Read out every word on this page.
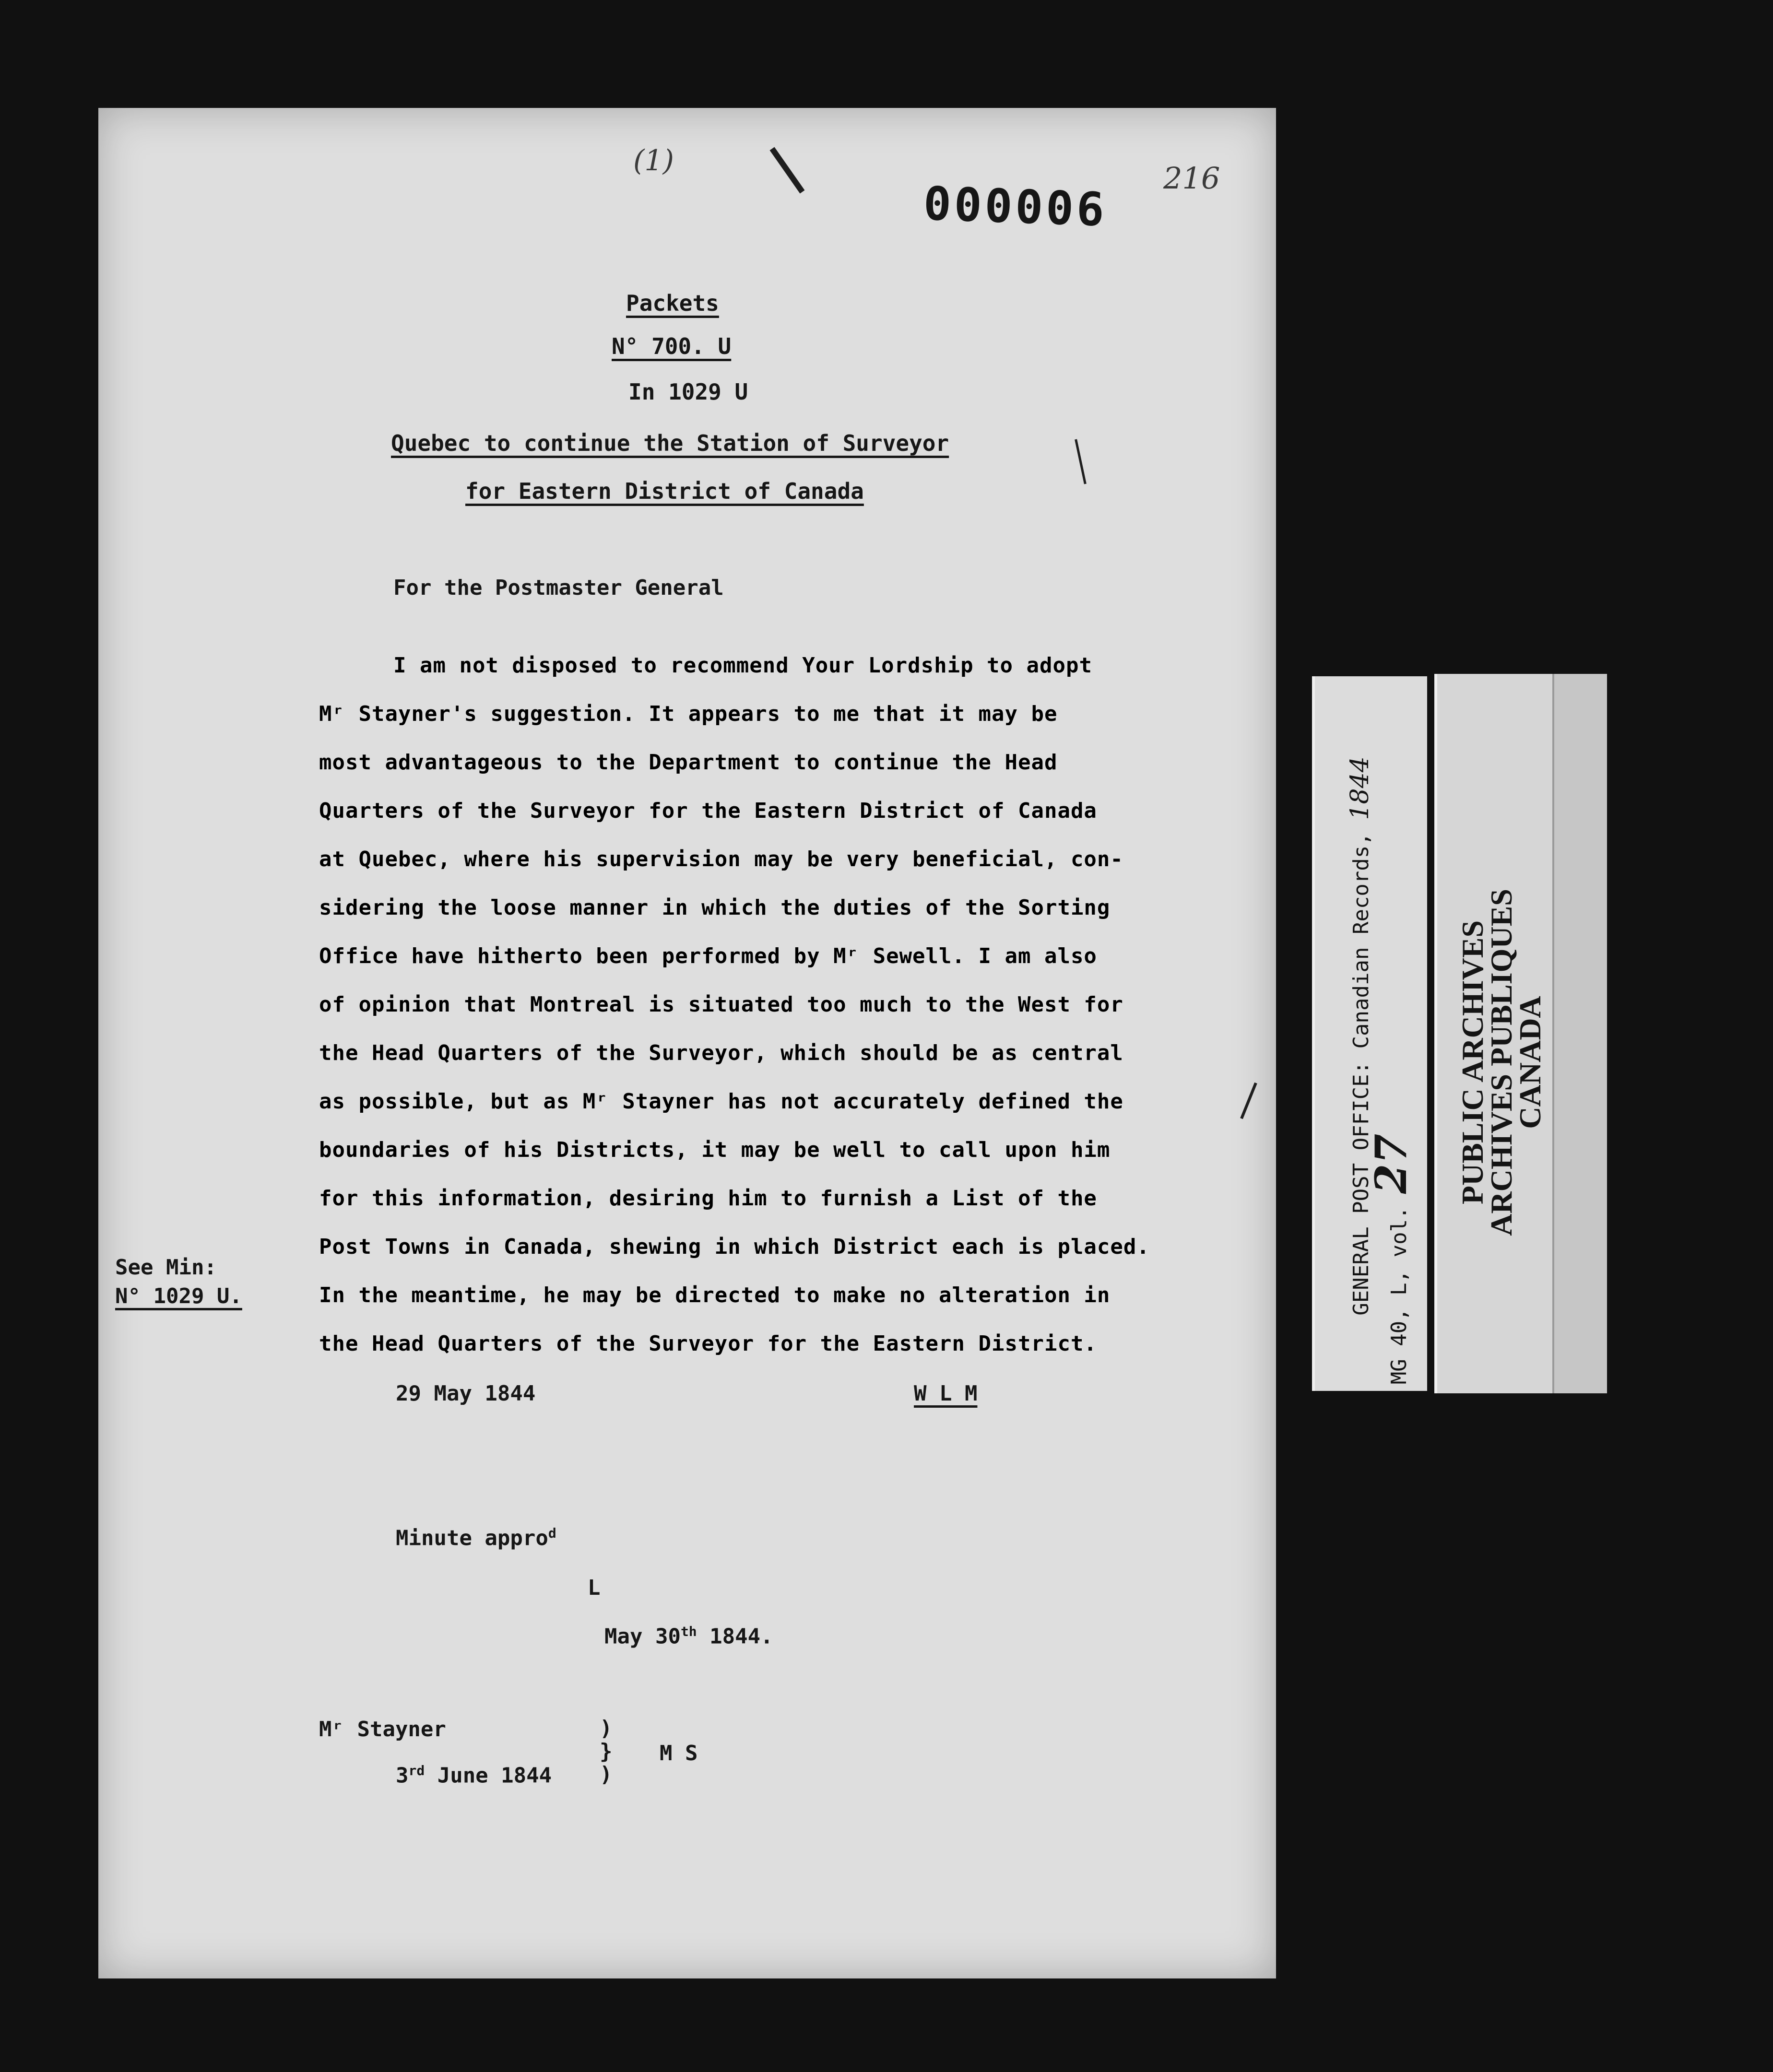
(1)
000006 216
Packets
N° 700. U
In 1029 U
Quebec to continue the Station of Surveyor
for Eastern District of Canada
For the Postmaster General
I am not disposed to recommend Your Lordship to adopt
Mʳ Stayner's suggestion. It appears to me that it may be
most advantageous to the Department to continue the Head
Quarters of the Surveyor for the Eastern District of Canada
at Quebec, where his supervision may be very beneficial, con-
sidering the loose manner in which the duties of the Sorting
Office have hitherto been performed by Mʳ Sewell. I am also
of opinion that Montreal is situated too much to the West for
the Head Quarters of the Surveyor, which should be as central
as possible, but as Mʳ Stayner has not accurately defined the
boundaries of his Districts, it may be well to call upon him
for this information, desiring him to furnish a List of the
Post Towns in Canada, shewing in which District each is placed.
In the meantime, he may be directed to make no alteration in
the Head Quarters of the Surveyor for the Eastern District.
See Min:
N° 1029 U.
29 May 1844	W L M
Minute appro$^d$
L
May 30th 1844.
Mʳ Stayner
3rd June 1844
)
}
)
M S
GENERAL POST OFFICE: Canadian Records, 1844
MG 40, L, vol. 27 PUBLIC ARCHIVES
ARCHIVES PUBLIQUES
CANADA
